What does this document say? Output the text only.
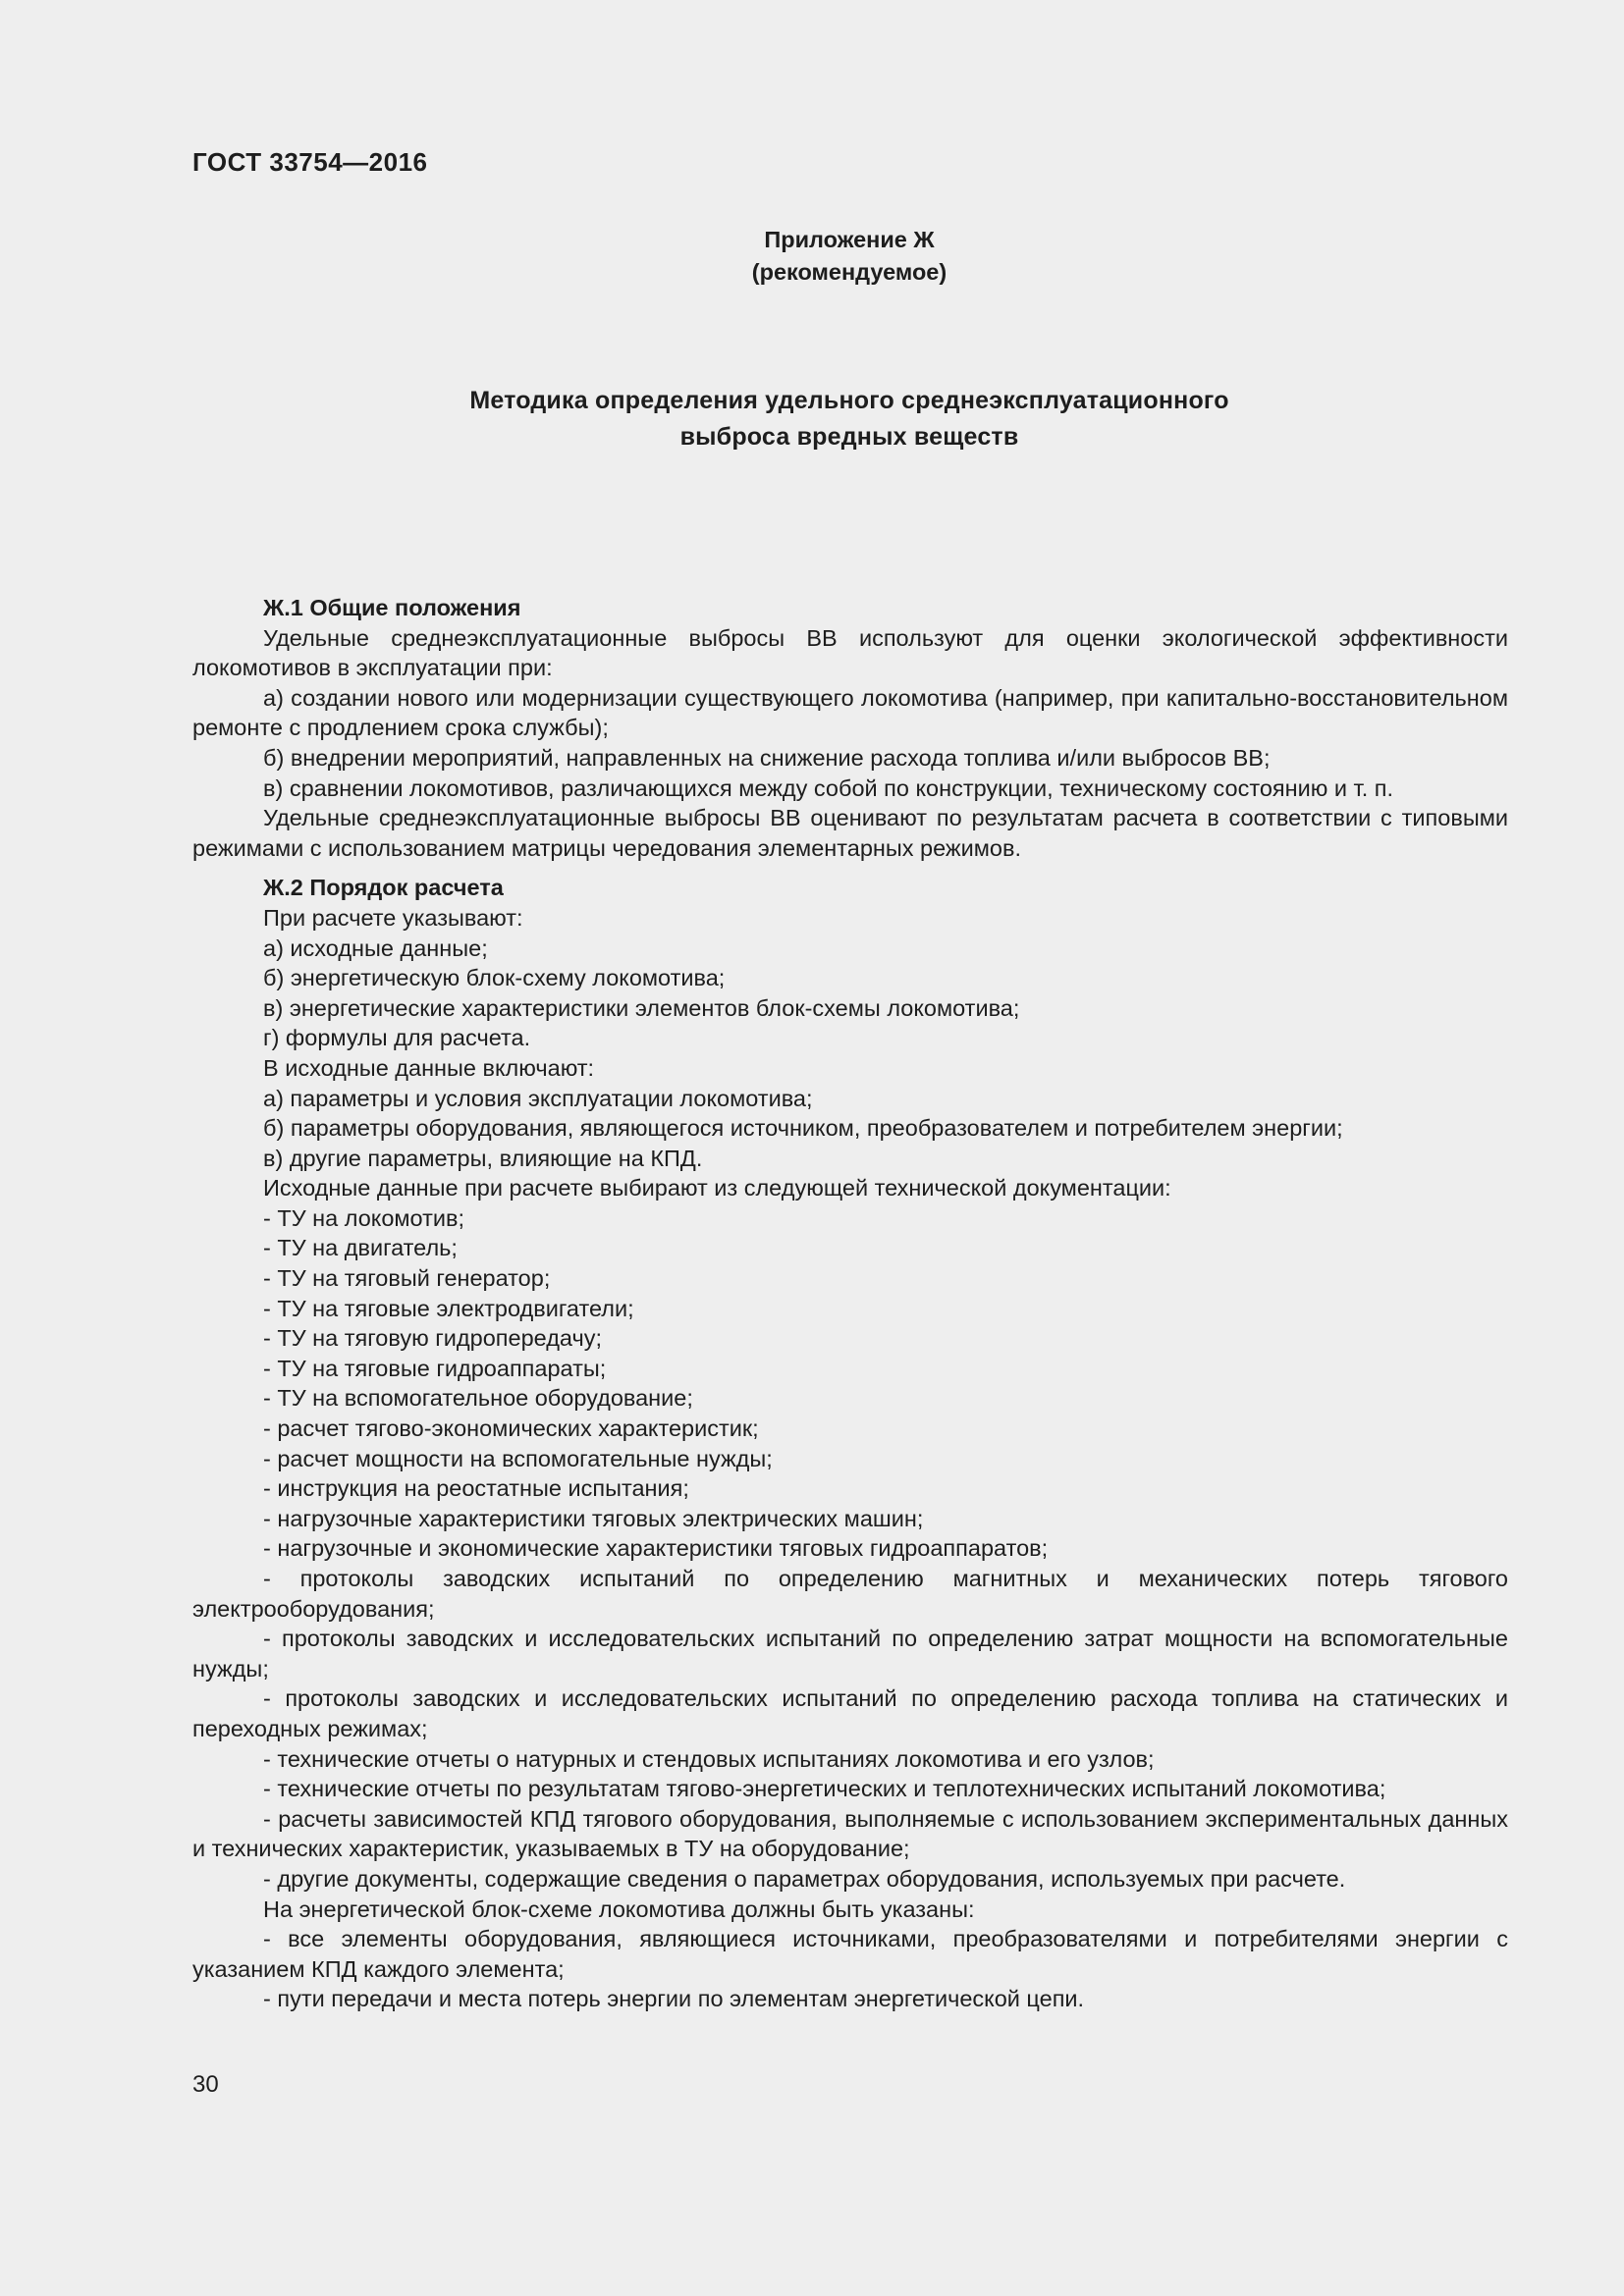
ГОСТ 33754—2016
Приложение Ж
(рекомендуемое)
Методика определения удельного среднеэксплуатационного
выброса вредных веществ

Ж.1 Общие положения

Удельные среднеэксплуатационные выбросы ВВ используют для оценки экологической эффективности локомотивов в эксплуатации при:

а) создании нового или модернизации существующего локомотива (например, при капитально-восстановительном ремонте с продлением срока службы);

б) внедрении мероприятий, направленных на снижение расхода топлива и/или выбросов ВВ;

в) сравнении локомотивов, различающихся между собой по конструкции, техническому состоянию и т. п.

Удельные среднеэксплуатационные выбросы ВВ оценивают по результатам расчета в соответствии с типовыми режимами с использованием матрицы чередования элементарных режимов.

Ж.2 Порядок расчета

При расчете указывают:

а) исходные данные;

б) энергетическую блок-схему локомотива;

в) энергетические характеристики элементов блок-схемы локомотива;

г) формулы для расчета.

В исходные данные включают:

а) параметры и условия эксплуатации локомотива;

б) параметры оборудования, являющегося источником, преобразователем и потребителем энергии;

в) другие параметры, влияющие на КПД.

Исходные данные при расчете выбирают из следующей технической документации:

- ТУ на локомотив;

- ТУ на двигатель;

- ТУ на тяговый генератор;

- ТУ на тяговые электродвигатели;

- ТУ на тяговую гидропередачу;

- ТУ на тяговые гидроаппараты;

- ТУ на вспомогательное оборудование;

- расчет тягово-экономических характеристик;

- расчет мощности на вспомогательные нужды;

- инструкция на реостатные испытания;

- нагрузочные характеристики тяговых электрических машин;

- нагрузочные и экономические характеристики тяговых гидроаппаратов;

- протоколы заводских испытаний по определению магнитных и механических потерь тягового электрооборудования;

- протоколы заводских и исследовательских испытаний по определению затрат мощности на вспомогательные нужды;

- протоколы заводских и исследовательских испытаний по определению расхода топлива на статических и переходных режимах;

- технические отчеты о натурных и стендовых испытаниях локомотива и его узлов;

- технические отчеты по результатам тягово-энергетических и теплотехнических испытаний локомотива;

- расчеты зависимостей КПД тягового оборудования, выполняемые с использованием экспериментальных данных и технических характеристик, указываемых в ТУ на оборудование;

- другие документы, содержащие сведения о параметрах оборудования, используемых при расчете.

На энергетической блок-схеме локомотива должны быть указаны:

- все элементы оборудования, являющиеся источниками, преобразователями и потребителями энергии с указанием КПД каждого элемента;

- пути передачи и места потерь энергии по элементам энергетической цепи.

30
